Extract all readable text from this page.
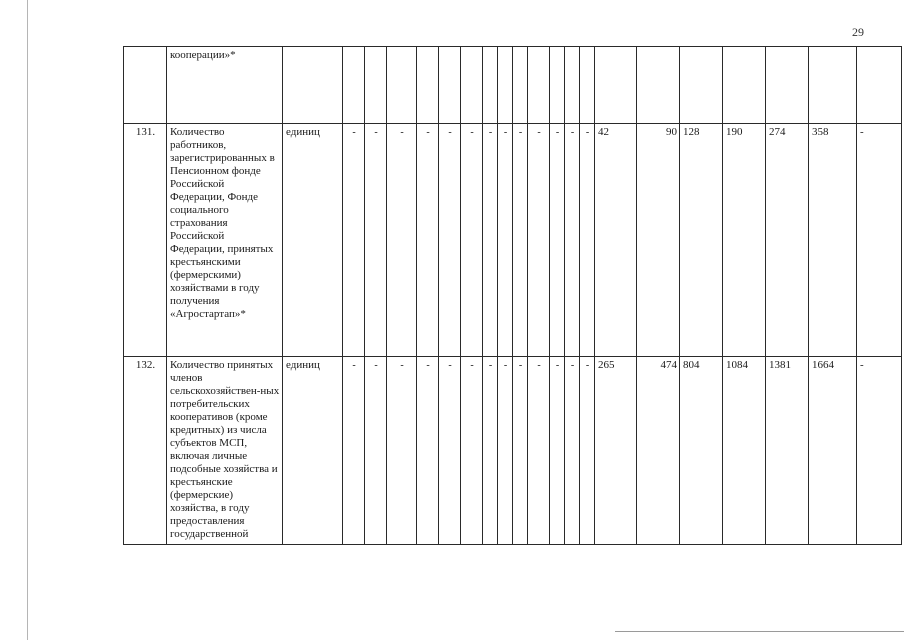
29
	кооперации»*																					
131.	Количество работников, зарегистрированных в Пенсионном фонде Российской Федерации, Фонде социального страхования Российской Федерации, принятых крестьянскими (фермерскими) хозяйствами в году получения «Агростартап»*	единиц	-	-	-	-	-	-	-	-	-	-	-	-	-	42	90	128	190	274	358	-
132.	Количество принятых членов сельскохозяйствен-ных потребительских кооперативов (кроме кредитных) из числа субъектов МСП, включая личные подсобные хозяйства и крестьянские (фермерские) хозяйства, в году предоставления государственной	единиц	-	-	-	-	-	-	-	-	-	-	-	-	-	265	474	804	1084	1381	1664	-
